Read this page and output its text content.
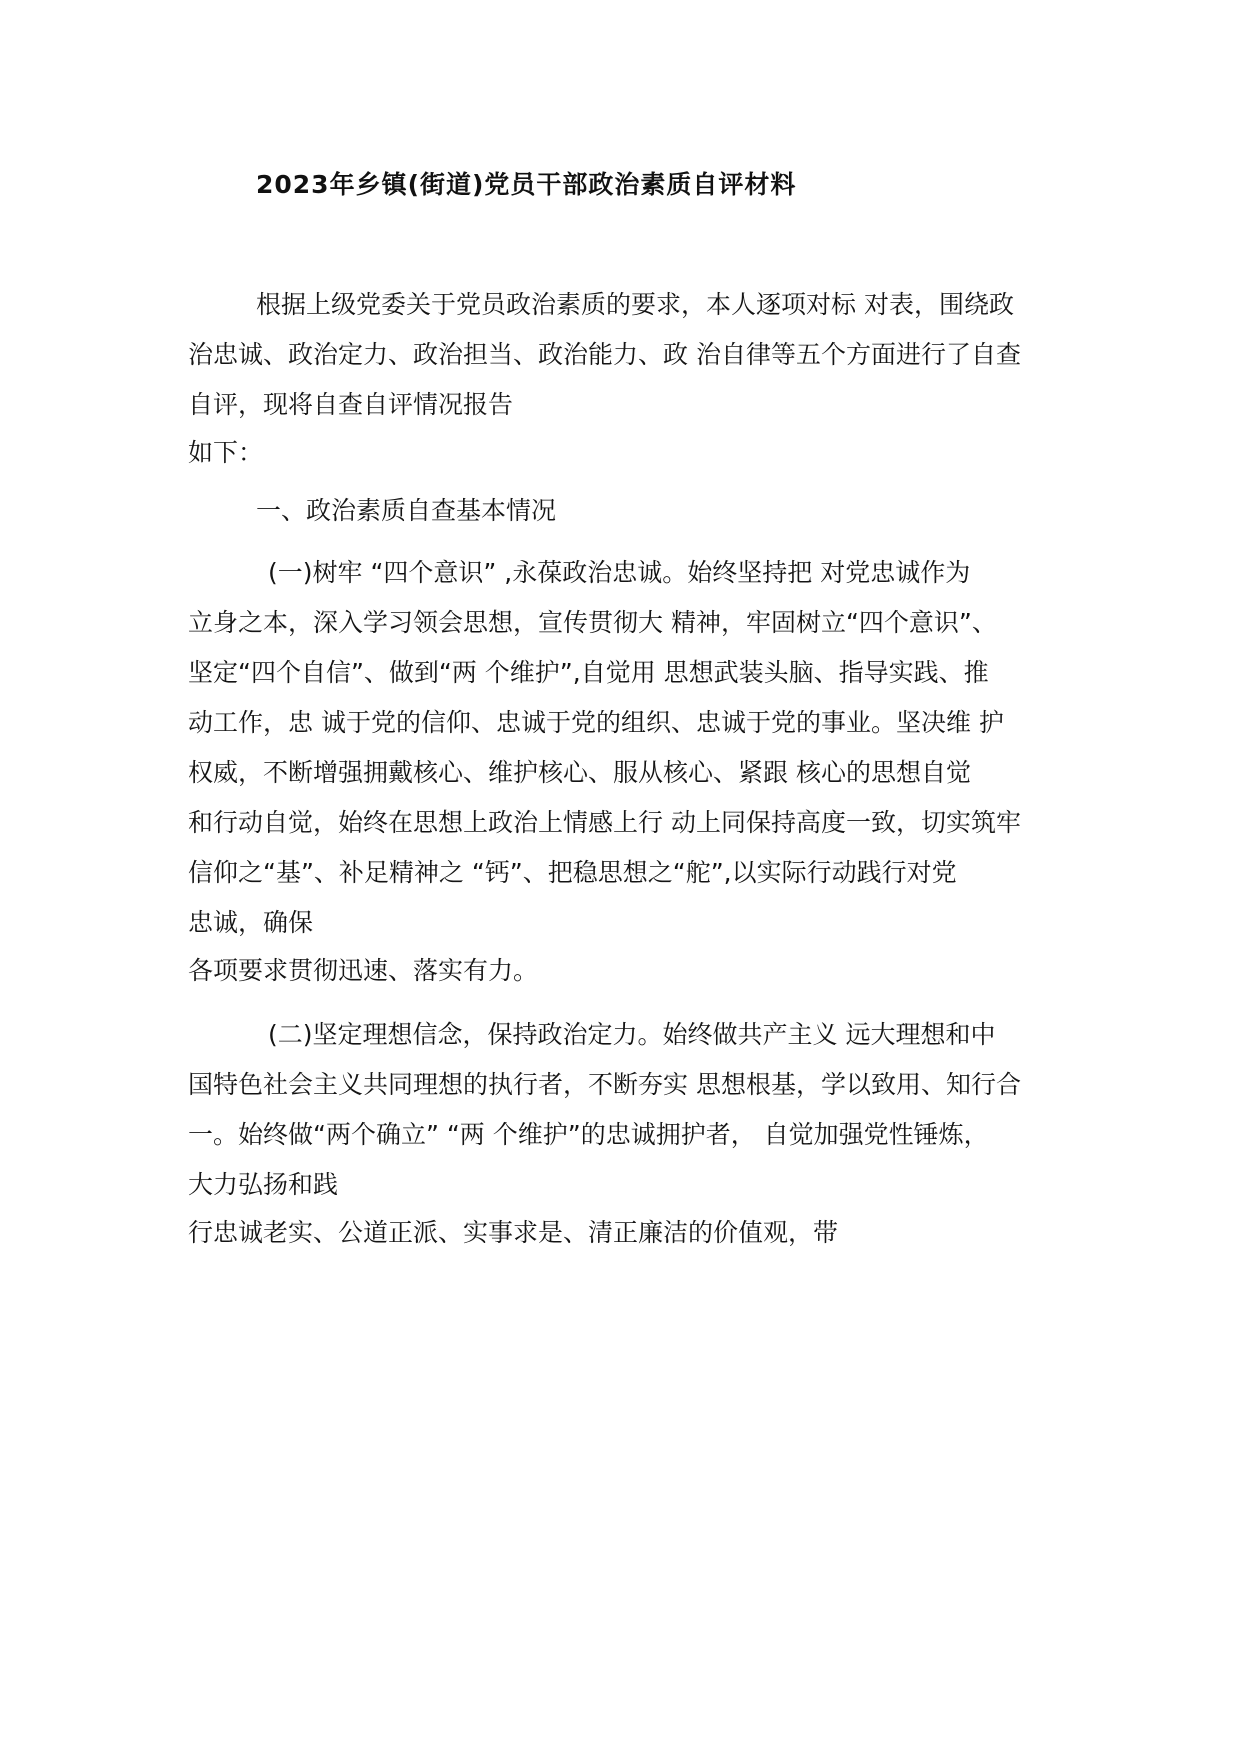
2023年乡镇(街道)党员干部政治素质自评材料
根据上级党委关于党员政治素质的要求，本人逐项对标 对表，围绕政
治忠诚、政治定力、政治担当、政治能力、政 治自律等五个方面进行了自查
自评，现将自查自评情况报告
如下：
一、政治素质自查基本情况
(一)树牢 “四个意识” ,永葆政治忠诚。始终坚持把 对党忠诚作为
立身之本，深入学习领会思想，宣传贯彻大 精神，牢固树立“四个意识”、
坚定“四个自信”、做到“两 个维护”,自觉用 思想武装头脑、指导实践、推
动工作，忠 诚于党的信仰、忠诚于党的组织、忠诚于党的事业。坚决维 护
权威，不断增强拥戴核心、维护核心、服从核心、紧跟 核心的思想自觉
和行动自觉，始终在思想上政治上情感上行 动上同保持高度一致，切实筑牢
信仰之“基”、补足精神之 “钙”、把稳思想之“舵”,以实际行动践行对党
忠诚，确保
各项要求贯彻迅速、落实有力。
(二)坚定理想信念，保持政治定力。始终做共产主义 远大理想和中
国特色社会主义共同理想的执行者，不断夯实 思想根基，学以致用、知行合
一。始终做“两个确立” “两 个维护”的忠诚拥护者， 自觉加强党性锤炼，
大力弘扬和践
行忠诚老实、公道正派、实事求是、清正廉洁的价值观，带
